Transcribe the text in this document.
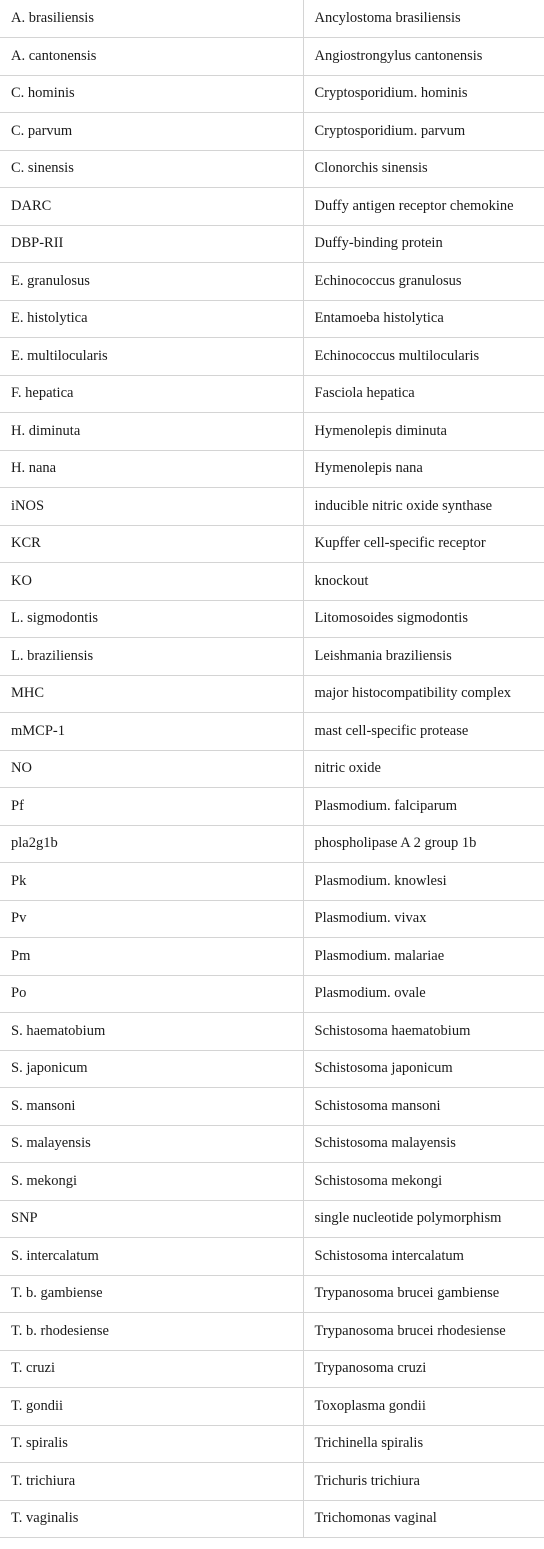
A. brasiliensis	Ancylostoma brasiliensis
A. cantonensis	Angiostrongylus cantonensis
C. hominis	Cryptosporidium. hominis
C. parvum	Cryptosporidium. parvum
C. sinensis	Clonorchis sinensis
DARC	Duffy antigen receptor chemokine
DBP-RII	Duffy-binding protein
E. granulosus	Echinococcus granulosus
E. histolytica	Entamoeba histolytica
E. multilocularis	Echinococcus multilocularis
F. hepatica	Fasciola hepatica
H. diminuta	Hymenolepis diminuta
H. nana	Hymenolepis nana
iNOS	inducible nitric oxide synthase
KCR	Kupffer cell-specific receptor
KO	knockout
L. sigmodontis	Litomosoides sigmodontis
L. braziliensis	Leishmania braziliensis
MHC	major histocompatibility complex
mMCP-1	mast cell-specific protease
NO	nitric oxide
Pf	Plasmodium. falciparum
pla2g1b	phospholipase A 2 group 1b
Pk	Plasmodium. knowlesi
Pv	Plasmodium. vivax
Pm	Plasmodium. malariae
Po	Plasmodium. ovale
S. haematobium	Schistosoma haematobium
S. japonicum	Schistosoma japonicum
S. mansoni	Schistosoma mansoni
S. malayensis	Schistosoma malayensis
S. mekongi	Schistosoma mekongi
SNP	single nucleotide polymorphism
S. intercalatum	Schistosoma intercalatum
T. b. gambiense	Trypanosoma brucei gambiense
T. b. rhodesiense	Trypanosoma brucei rhodesiense
T. cruzi	Trypanosoma cruzi
T. gondii	Toxoplasma gondii
T. spiralis	Trichinella spiralis
T. trichiura	Trichuris trichiura
T. vaginalis	Trichomonas vaginal
